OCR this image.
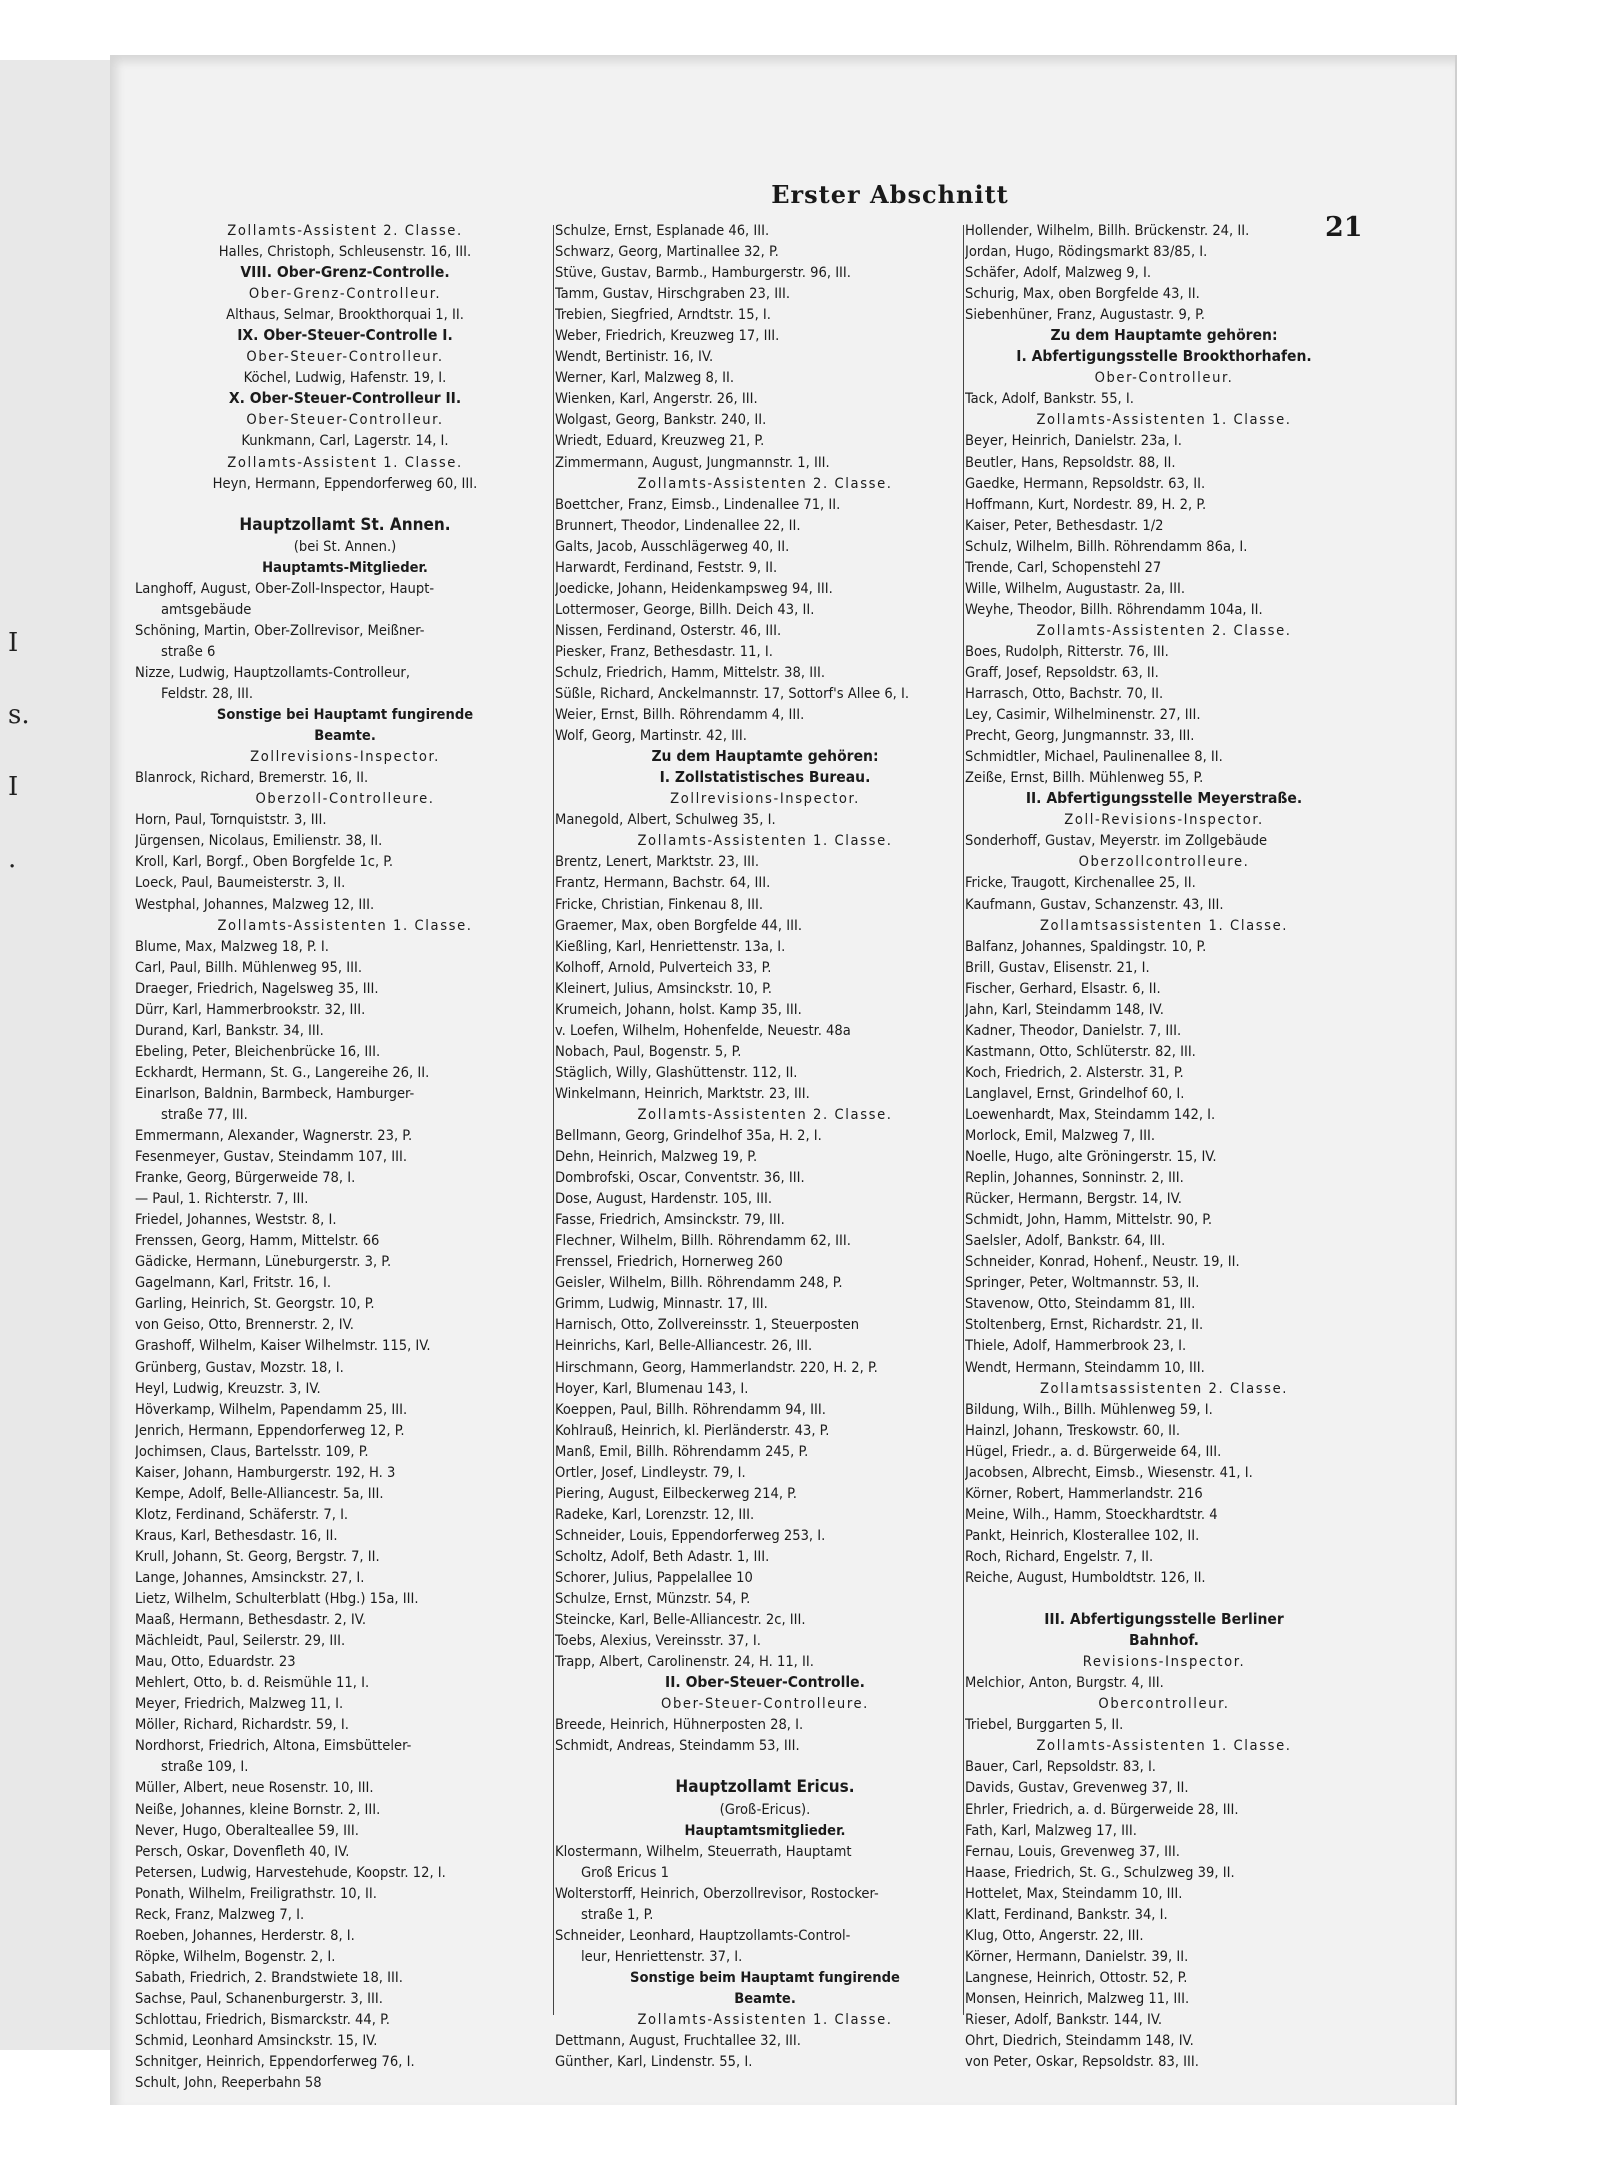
I
s.
I
.
Erster Abschnitt
21
Zollamts-Assistent 2. Classe.
Halles, Christoph, Schleusenstr. 16, III.
VIII. Ober-Grenz-Controlle.
Ober-Grenz-Controlleur.
Althaus, Selmar, Brookthorquai 1, II.
IX. Ober-Steuer-Controlle I.
Ober-Steuer-Controlleur.
Köchel, Ludwig, Hafenstr. 19, I.
X. Ober-Steuer-Controlleur II.
Ober-Steuer-Controlleur.
Kunkmann, Carl, Lagerstr. 14, I.
Zollamts-Assistent 1. Classe.
Heyn, Hermann, Eppendorferweg 60, III.
Hauptzollamt St. Annen.
(bei St. Annen.)
Hauptamts-Mitglieder.
Langhoff, August, Ober-Zoll-Inspector, Haupt-
amtsgebäude
Schöning, Martin, Ober-Zollrevisor, Meißner-
straße 6
Nizze, Ludwig, Hauptzollamts-Controlleur,
Feldstr. 28, III.
Sonstige bei Hauptamt fungirende
Beamte.
Zollrevisions-Inspector.
Blanrock, Richard, Bremerstr. 16, II.
Oberzoll-Controlleure.
Horn, Paul, Tornquiststr. 3, III.
Jürgensen, Nicolaus, Emilienstr. 38, II.
Kroll, Karl, Borgf., Oben Borgfelde 1c, P.
Loeck, Paul, Baumeisterstr. 3, II.
Westphal, Johannes, Malzweg 12, III.
Zollamts-Assistenten 1. Classe.
Blume, Max, Malzweg 18, P. I.
Carl, Paul, Billh. Mühlenweg 95, III.
Draeger, Friedrich, Nagelsweg 35, III.
Dürr, Karl, Hammerbrookstr. 32, III.
Durand, Karl, Bankstr. 34, III.
Ebeling, Peter, Bleichenbrücke 16, III.
Eckhardt, Hermann, St. G., Langereihe 26, II.
Einarlson, Baldnin, Barmbeck, Hamburger-
straße 77, III.
Emmermann, Alexander, Wagnerstr. 23, P.
Fesenmeyer, Gustav, Steindamm 107, III.
Franke, Georg, Bürgerweide 78, I.
— Paul, 1. Richterstr. 7, III.
Friedel, Johannes, Weststr. 8, I.
Frenssen, Georg, Hamm, Mittelstr. 66
Gädicke, Hermann, Lüneburgerstr. 3, P.
Gagelmann, Karl, Fritstr. 16, I.
Garling, Heinrich, St. Georgstr. 10, P.
von Geiso, Otto, Brennerstr. 2, IV.
Grashoff, Wilhelm, Kaiser Wilhelmstr. 115, IV.
Grünberg, Gustav, Mozstr. 18, I.
Heyl, Ludwig, Kreuzstr. 3, IV.
Höverkamp, Wilhelm, Papendamm 25, III.
Jenrich, Hermann, Eppendorferweg 12, P.
Jochimsen, Claus, Bartelsstr. 109, P.
Kaiser, Johann, Hamburgerstr. 192, H. 3
Kempe, Adolf, Belle-Alliancestr. 5a, III.
Klotz, Ferdinand, Schäferstr. 7, I.
Kraus, Karl, Bethesdastr. 16, II.
Krull, Johann, St. Georg, Bergstr. 7, II.
Lange, Johannes, Amsinckstr. 27, I.
Lietz, Wilhelm, Schulterblatt (Hbg.) 15a, III.
Maaß, Hermann, Bethesdastr. 2, IV.
Mächleidt, Paul, Seilerstr. 29, III.
Mau, Otto, Eduardstr. 23
Mehlert, Otto, b. d. Reismühle 11, I.
Meyer, Friedrich, Malzweg 11, I.
Möller, Richard, Richardstr. 59, I.
Nordhorst, Friedrich, Altona, Eimsbütteler-
straße 109, I.
Müller, Albert, neue Rosenstr. 10, III.
Neiße, Johannes, kleine Bornstr. 2, III.
Never, Hugo, Oberalteallee 59, III.
Persch, Oskar, Dovenfleth 40, IV.
Petersen, Ludwig, Harvestehude, Koopstr. 12, I.
Ponath, Wilhelm, Freiligrathstr. 10, II.
Reck, Franz, Malzweg 7, I.
Roeben, Johannes, Herderstr. 8, I.
Röpke, Wilhelm, Bogenstr. 2, I.
Sabath, Friedrich, 2. Brandstwiete 18, III.
Sachse, Paul, Schanenburgerstr. 3, III.
Schlottau, Friedrich, Bismarckstr. 44, P.
Schmid, Leonhard Amsinckstr. 15, IV.
Schnitger, Heinrich, Eppendorferweg 76, I.
Schult, John, Reeperbahn 58
Schulze, Ernst, Esplanade 46, III.
Schwarz, Georg, Martinallee 32, P.
Stüve, Gustav, Barmb., Hamburgerstr. 96, III.
Tamm, Gustav, Hirschgraben 23, III.
Trebien, Siegfried, Arndtstr. 15, I.
Weber, Friedrich, Kreuzweg 17, III.
Wendt, Bertinistr. 16, IV.
Werner, Karl, Malzweg 8, II.
Wienken, Karl, Angerstr. 26, III.
Wolgast, Georg, Bankstr. 240, II.
Wriedt, Eduard, Kreuzweg 21, P.
Zimmermann, August, Jungmannstr. 1, III.
Zollamts-Assistenten 2. Classe.
Boettcher, Franz, Eimsb., Lindenallee 71, II.
Brunnert, Theodor, Lindenallee 22, II.
Galts, Jacob, Ausschlägerweg 40, II.
Harwardt, Ferdinand, Feststr. 9, II.
Joedicke, Johann, Heidenkampsweg 94, III.
Lottermoser, George, Billh. Deich 43, II.
Nissen, Ferdinand, Osterstr. 46, III.
Piesker, Franz, Bethesdastr. 11, I.
Schulz, Friedrich, Hamm, Mittelstr. 38, III.
Süßle, Richard, Anckelmannstr. 17, Sottorf's Allee 6, I.
Weier, Ernst, Billh. Röhrendamm 4, III.
Wolf, Georg, Martinstr. 42, III.
Zu dem Hauptamte gehören:
I. Zollstatistisches Bureau.
Zollrevisions-Inspector.
Manegold, Albert, Schulweg 35, I.
Zollamts-Assistenten 1. Classe.
Brentz, Lenert, Marktstr. 23, III.
Frantz, Hermann, Bachstr. 64, III.
Fricke, Christian, Finkenau 8, III.
Graemer, Max, oben Borgfelde 44, III.
Kießling, Karl, Henriettenstr. 13a, I.
Kolhoff, Arnold, Pulverteich 33, P.
Kleinert, Julius, Amsinckstr. 10, P.
Krumeich, Johann, holst. Kamp 35, III.
v. Loefen, Wilhelm, Hohenfelde, Neuestr. 48a
Nobach, Paul, Bogenstr. 5, P.
Stäglich, Willy, Glashüttenstr. 112, II.
Winkelmann, Heinrich, Marktstr. 23, III.
Zollamts-Assistenten 2. Classe.
Bellmann, Georg, Grindelhof 35a, H. 2, I.
Dehn, Heinrich, Malzweg 19, P.
Dombrofski, Oscar, Conventstr. 36, III.
Dose, August, Hardenstr. 105, III.
Fasse, Friedrich, Amsinckstr. 79, III.
Flechner, Wilhelm, Billh. Röhrendamm 62, III.
Frenssel, Friedrich, Hornerweg 260
Geisler, Wilhelm, Billh. Röhrendamm 248, P.
Grimm, Ludwig, Minnastr. 17, III.
Harnisch, Otto, Zollvereinsstr. 1, Steuerposten
Heinrichs, Karl, Belle-Alliancestr. 26, III.
Hirschmann, Georg, Hammerlandstr. 220, H. 2, P.
Hoyer, Karl, Blumenau 143, I.
Koeppen, Paul, Billh. Röhrendamm 94, III.
Kohlrauß, Heinrich, kl. Pierländerstr. 43, P.
Manß, Emil, Billh. Röhrendamm 245, P.
Ortler, Josef, Lindleystr. 79, I.
Piering, August, Eilbeckerweg 214, P.
Radeke, Karl, Lorenzstr. 12, III.
Schneider, Louis, Eppendorferweg 253, I.
Scholtz, Adolf, Beth Adastr. 1, III.
Schorer, Julius, Pappelallee 10
Schulze, Ernst, Münzstr. 54, P.
Steincke, Karl, Belle-Alliancestr. 2c, III.
Toebs, Alexius, Vereinsstr. 37, I.
Trapp, Albert, Carolinenstr. 24, H. 11, II.
II. Ober-Steuer-Controlle.
Ober-Steuer-Controlleure.
Breede, Heinrich, Hühnerposten 28, I.
Schmidt, Andreas, Steindamm 53, III.
Hauptzollamt Ericus.
(Groß-Ericus).
Hauptamtsmitglieder.
Klostermann, Wilhelm, Steuerrath, Hauptamt
Groß Ericus 1
Wolterstorff, Heinrich, Oberzollrevisor, Rostocker-
straße 1, P.
Schneider, Leonhard, Hauptzollamts-Control-
leur, Henriettenstr. 37, I.
Sonstige beim Hauptamt fungirende
Beamte.
Zollamts-Assistenten 1. Classe.
Dettmann, August, Fruchtallee 32, III.
Günther, Karl, Lindenstr. 55, I.
Hollender, Wilhelm, Billh. Brückenstr. 24, II.
Jordan, Hugo, Rödingsmarkt 83/85, I.
Schäfer, Adolf, Malzweg 9, I.
Schurig, Max, oben Borgfelde 43, II.
Siebenhüner, Franz, Augustastr. 9, P.
Zu dem Hauptamte gehören:
I. Abfertigungsstelle Brookthorhafen.
Ober-Controlleur.
Tack, Adolf, Bankstr. 55, I.
Zollamts-Assistenten 1. Classe.
Beyer, Heinrich, Danielstr. 23a, I.
Beutler, Hans, Repsoldstr. 88, II.
Gaedke, Hermann, Repsoldstr. 63, II.
Hoffmann, Kurt, Nordestr. 89, H. 2, P.
Kaiser, Peter, Bethesdastr. 1/2
Schulz, Wilhelm, Billh. Röhrendamm 86a, I.
Trende, Carl, Schopenstehl 27
Wille, Wilhelm, Augustastr. 2a, III.
Weyhe, Theodor, Billh. Röhrendamm 104a, II.
Zollamts-Assistenten 2. Classe.
Boes, Rudolph, Ritterstr. 76, III.
Graff, Josef, Repsoldstr. 63, II.
Harrasch, Otto, Bachstr. 70, II.
Ley, Casimir, Wilhelminenstr. 27, III.
Precht, Georg, Jungmannstr. 33, III.
Schmidtler, Michael, Paulinenallee 8, II.
Zeiße, Ernst, Billh. Mühlenweg 55, P.
II. Abfertigungsstelle Meyerstraße.
Zoll-Revisions-Inspector.
Sonderhoff, Gustav, Meyerstr. im Zollgebäude
Oberzollcontrolleure.
Fricke, Traugott, Kirchenallee 25, II.
Kaufmann, Gustav, Schanzenstr. 43, III.
Zollamtsassistenten 1. Classe.
Balfanz, Johannes, Spaldingstr. 10, P.
Brill, Gustav, Elisenstr. 21, I.
Fischer, Gerhard, Elsastr. 6, II.
Jahn, Karl, Steindamm 148, IV.
Kadner, Theodor, Danielstr. 7, III.
Kastmann, Otto, Schlüterstr. 82, III.
Koch, Friedrich, 2. Alsterstr. 31, P.
Langlavel, Ernst, Grindelhof 60, I.
Loewenhardt, Max, Steindamm 142, I.
Morlock, Emil, Malzweg 7, III.
Noelle, Hugo, alte Gröningerstr. 15, IV.
Replin, Johannes, Sonninstr. 2, III.
Rücker, Hermann, Bergstr. 14, IV.
Schmidt, John, Hamm, Mittelstr. 90, P.
Saelsler, Adolf, Bankstr. 64, III.
Schneider, Konrad, Hohenf., Neustr. 19, II.
Springer, Peter, Woltmannstr. 53, II.
Stavenow, Otto, Steindamm 81, III.
Stoltenberg, Ernst, Richardstr. 21, II.
Thiele, Adolf, Hammerbrook 23, I.
Wendt, Hermann, Steindamm 10, III.
Zollamtsassistenten 2. Classe.
Bildung, Wilh., Billh. Mühlenweg 59, I.
Hainzl, Johann, Treskowstr. 60, II.
Hügel, Friedr., a. d. Bürgerweide 64, III.
Jacobsen, Albrecht, Eimsb., Wiesenstr. 41, I.
Körner, Robert, Hammerlandstr. 216
Meine, Wilh., Hamm, Stoeckhardtstr. 4
Pankt, Heinrich, Klosterallee 102, II.
Roch, Richard, Engelstr. 7, II.
Reiche, August, Humboldtstr. 126, II.
III. Abfertigungsstelle Berliner
Bahnhof.
Revisions-Inspector.
Melchior, Anton, Burgstr. 4, III.
Obercontrolleur.
Triebel, Burggarten 5, II.
Zollamts-Assistenten 1. Classe.
Bauer, Carl, Repsoldstr. 83, I.
Davids, Gustav, Grevenweg 37, II.
Ehrler, Friedrich, a. d. Bürgerweide 28, III.
Fath, Karl, Malzweg 17, III.
Fernau, Louis, Grevenweg 37, III.
Haase, Friedrich, St. G., Schulzweg 39, II.
Hottelet, Max, Steindamm 10, III.
Klatt, Ferdinand, Bankstr. 34, I.
Klug, Otto, Angerstr. 22, III.
Körner, Hermann, Danielstr. 39, II.
Langnese, Heinrich, Ottostr. 52, P.
Monsen, Heinrich, Malzweg 11, III.
Rieser, Adolf, Bankstr. 144, IV.
Ohrt, Diedrich, Steindamm 148, IV.
von Peter, Oskar, Repsoldstr. 83, III.
